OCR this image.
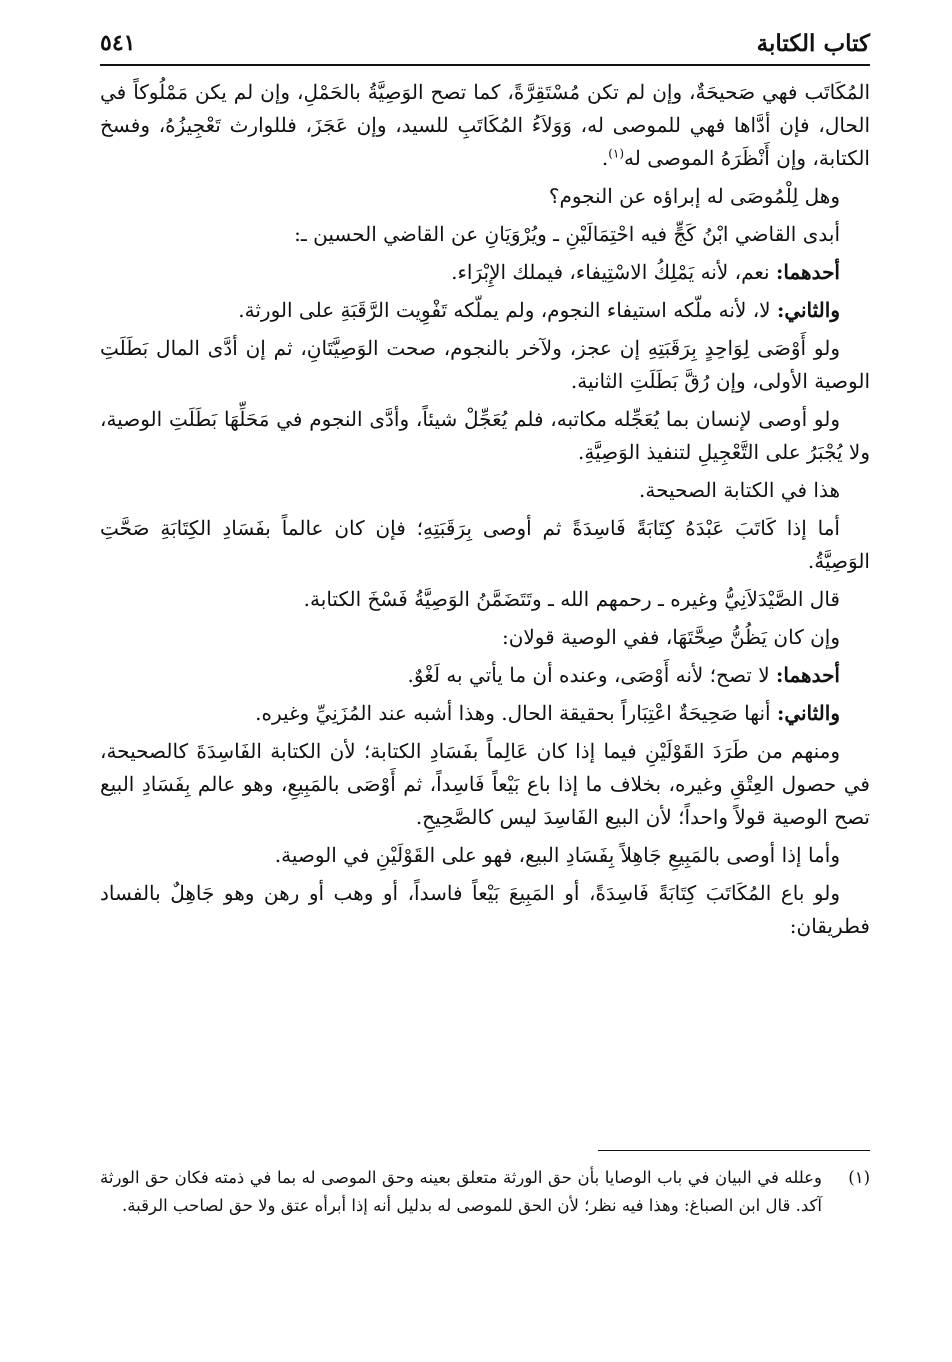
كتاب الكتابة
٥٤١

المُكَاتَب فهي صَحيحَةٌ، وإن لم تكن مُسْتَقِرَّةً، كما تصح الوَصِيَّةُ بالحَمْلِ، وإن لم يكن مَمْلُوكاً في الحال، فإن أدَّاها فهي للموصى له، وَوَلاَءُ المُكَاتَبِ للسيد، وإن عَجَزَ، فللوارث تَعْجِيزُهُ، وفسخ الكتابة، وإن أَنْظَرَهُ الموصى له$^{(١)}$.

وهل لِلْمُوصَى له إبراؤه عن النجوم؟

أبدى القاضي ابْنُ كَجٍّ فيه احْتِمَالَيْنِ ـ ويُرْوَيَانِ عن القاضي الحسين ـ:

أحدهما: نعم، لأنه يَمْلِكُ الاسْتِيفاء، فيملك الإِبْرَاء.

والثاني: لا، لأنه ملّكه استيفاء النجوم، ولم يملّكه تَفْوِيت الرَّقَبَةِ على الورثة.

ولو أَوْصَى لِوَاحِدٍ بِرَقَبَتِهِ إن عجز، ولآخر بالنجوم، صحت الوَصِيَّتَانِ، ثم إن أدَّى المال بَطَلَتِ الوصية الأولى، وإن رُقَّ بَطَلَتِ الثانية.

ولو أوصى لإنسان بما يُعَجِّله مكاتبه، فلم يُعَجِّلْ شيئاً، وأدَّى النجوم في مَحَلِّهَا بَطَلَتِ الوصية، ولا يُجْبَرُ على التَّعْجِيلِ لتنفيذ الوَصِيَّةِ.

هذا في الكتابة الصحيحة.

أما إذا كَاتَبَ عَبْدَهُ كِتَابَةً فَاسِدَةً ثم أوصى بِرَقَبَتِهِ؛ فإن كان عالماً بفَسَادِ الكِتَابَةِ صَحَّتِ الوَصِيَّةُ.

قال الصَّيْدَلاَنِيُّ وغيره ـ رحمهم الله ـ وتَتَضَمَّنُ الوَصِيَّةُ فَسْخَ الكتابة.

وإن كان يَظُنُّ صِحَّتَهَا، ففي الوصية قولان:

أحدهما: لا تصح؛ لأنه أَوْصَى، وعنده أن ما يأتي به لَغْوٌ.

والثاني: أنها صَحِيحَةٌ اعْتِبَاراً بحقيقة الحال. وهذا أشبه عند المُزَنِيِّ وغيره.

ومنهم من طَرَدَ القَوْلَيْنِ فيما إذا كان عَالِماً بفَسَادِ الكتابة؛ لأن الكتابة الفَاسِدَةَ كالصحيحة، في حصول العِتْقِ وغيره، بخلاف ما إذا باع بَيْعاً فَاسِداً، ثم أَوْصَى بالمَبِيعِ، وهو عالم بِفَسَادِ البيع تصح الوصية قولاً واحداً؛ لأن البيع الفَاسِدَ ليس كالصَّحِيحِ.

وأما إذا أوصى بالمَبِيعِ جَاهِلاً بِفَسَادِ البيع، فهو على القَوْلَيْنِ في الوصية.

ولو باع المُكَاتَبَ كِتَابَةً فَاسِدَةً، أو المَبِيعَ بَيْعاً فاسداً، أو وهب أو رهن وهو جَاهِلٌ بالفساد فطريقان:

(١)
وعلله في البيان في باب الوصايا بأن حق الورثة متعلق بعينه وحق الموصى له بما في ذمته فكان حق الورثة آكد. قال ابن الصباغ: وهذا فيه نظر؛ لأن الحق للموصى له بدليل أنه إذا أبرأه عتق ولا حق لصاحب الرقبة.
